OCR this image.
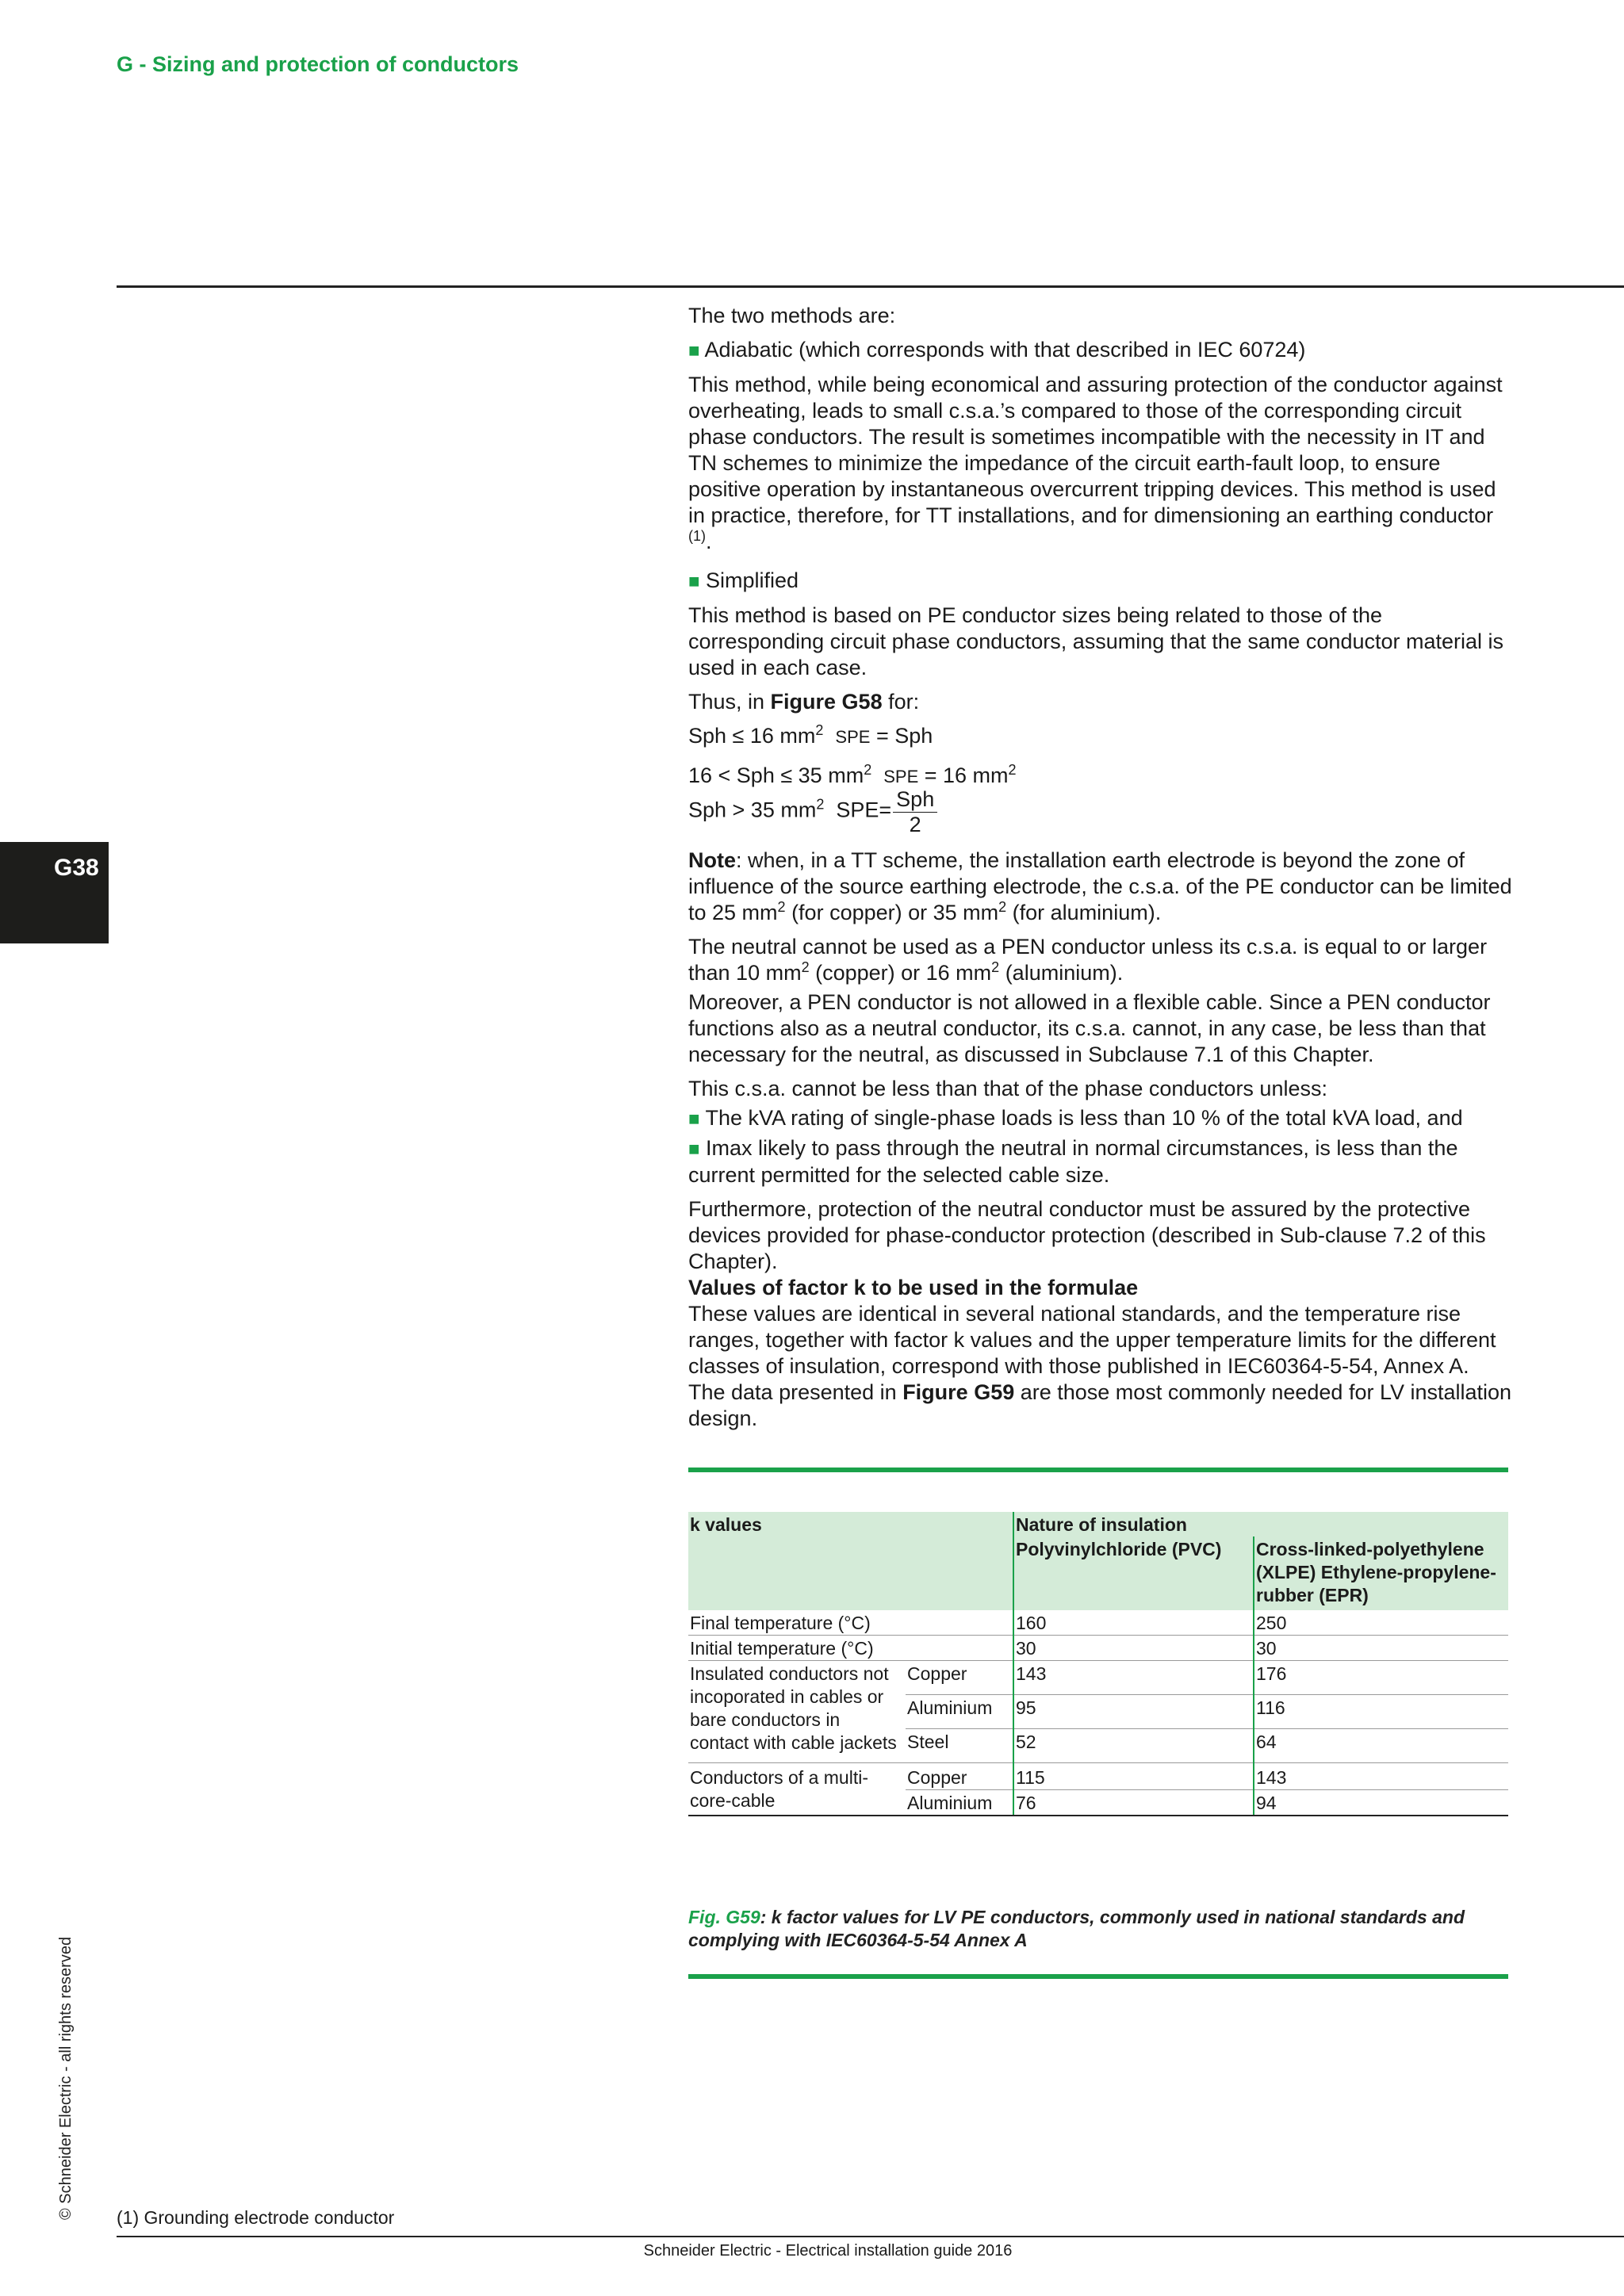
G - Sizing and protection of conductors
G38
© Schneider Electric - all rights reserved

The two methods are:

■ Adiabatic (which corresponds with that described in IEC 60724)

This method, while being economical and assuring protection of the conductor against overheating, leads to small c.s.a.’s compared to those of the corresponding circuit phase conductors. The result is sometimes incompatible with the necessity in IT and TN schemes to minimize the impedance of the circuit earth-fault loop, to ensure positive operation by instantaneous overcurrent tripping devices. This method is used in practice, therefore, for TT installations, and for dimensioning an earthing conductor $^{(1)}$.

■ Simplified

This method is based on PE conductor sizes being related to those of the corresponding circuit phase conductors, assuming that the same conductor material is used in each case.

Thus, in Figure G58 for:

Sph ≤ 16 $mm^2$ SPE = Sph

16 < Sph ≤ 35 $mm^2$ SPE = 16 $mm^2$

Sph > 35 $mm^2$ $SPE= \frac{\text{Sph}}{2}$

Note: when, in a TT scheme, the installation earth electrode is beyond the zone of influence of the source earthing electrode, the c.s.a. of the PE conductor can be limited to 25 $mm^2$ (for copper) or 35 $mm^2$ (for aluminium).

The neutral cannot be used as a PEN conductor unless its c.s.a. is equal to or larger than 10 $mm^2$ (copper) or 16 $mm^2$ (aluminium).

Moreover, a PEN conductor is not allowed in a flexible cable. Since a PEN conductor functions also as a neutral conductor, its c.s.a. cannot, in any case, be less than that necessary for the neutral, as discussed in Subclause 7.1 of this Chapter.

This c.s.a. cannot be less than that of the phase conductors unless:

■ The kVA rating of single-phase loads is less than 10 % of the total kVA load, and

■ Imax likely to pass through the neutral in normal circumstances, is less than the current permitted for the selected cable size.

Furthermore, protection of the neutral conductor must be assured by the protective devices provided for phase-conductor protection (described in Sub-clause 7.2 of this Chapter).

Values of factor k to be used in the formulae

These values are identical in several national standards, and the temperature rise ranges, together with factor k values and the upper temperature limits for the different classes of insulation, correspond with those published in IEC60364-5-54, Annex A.

The data presented in Figure G59 are those most commonly needed for LV installation design.

k values		Nature of insulation	
		Polyvinylchloride (PVC)	Cross-linked-polyethylene (XLPE) Ethylene-propylene-rubber (EPR)
Final temperature (°C)		160	250
Initial temperature (°C)		30	30
Insulated conductors not incoporated in cables or bare conductors in contact with cable jackets	Copper	143	176
	Aluminium	95	116
	Steel	52	64
Conductors of a multi-core-cable	Copper	115	143
	Aluminium	76	94
Fig. G59: k factor values for LV PE conductors, commonly used in national standards and complying with IEC60364-5-54 Annex A
(1) Grounding electrode conductor
Schneider Electric - Electrical installation guide 2016
